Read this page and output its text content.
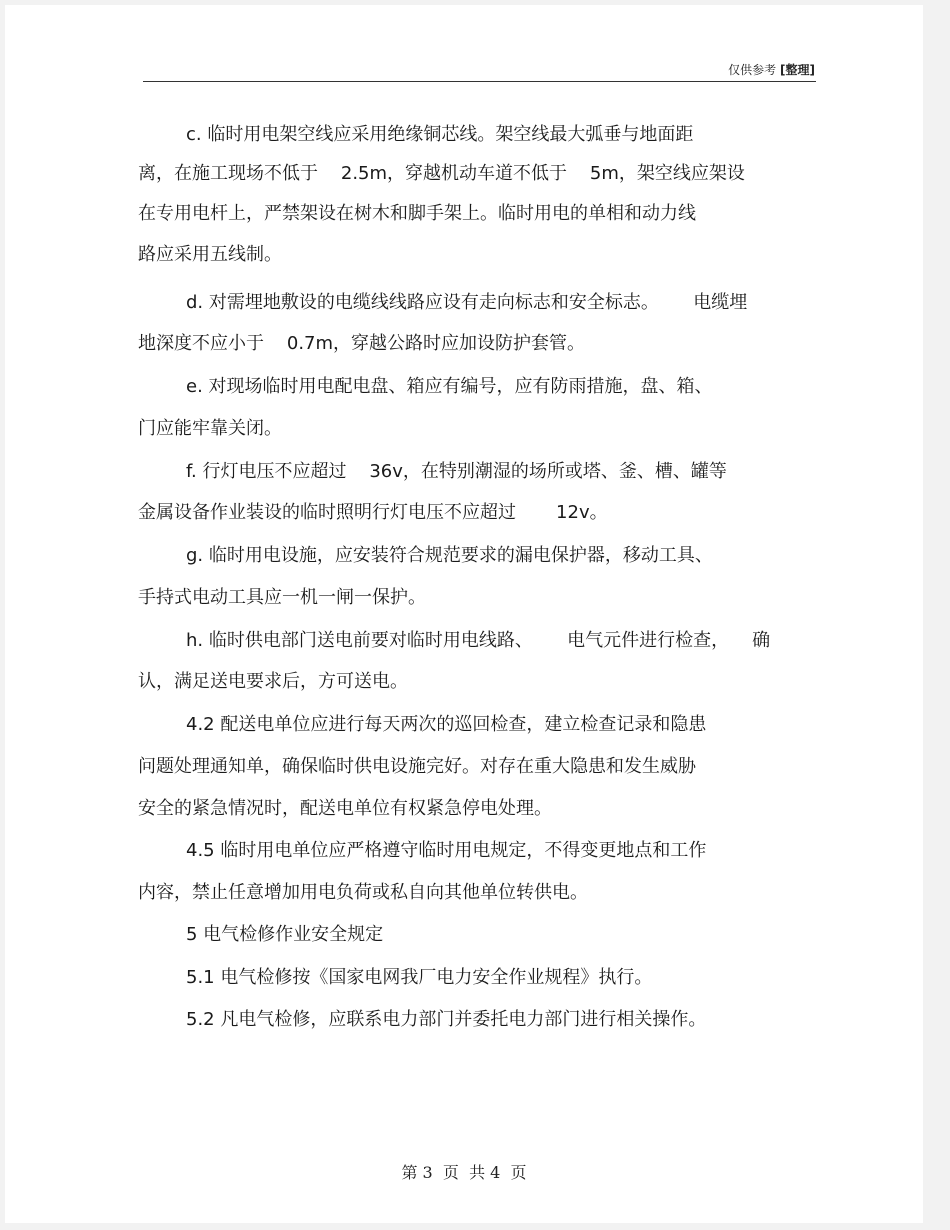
仅供参考 [整理]
c. 临时用电架空线应采用绝缘铜芯线。架空线最大弧垂与地面距
离，在施工现场不低于    2.5m，穿越机动车道不低于    5m，架空线应架设
在专用电杆上，严禁架设在树木和脚手架上。临时用电的单相和动力线
路应采用五线制。
d. 对需埋地敷设的电缆线线路应设有走向标志和安全标志。      电缆埋
地深度不应小于    0.7m，穿越公路时应加设防护套管。
e. 对现场临时用电配电盘、箱应有编号，应有防雨措施，盘、箱、
门应能牢靠关闭。
f. 行灯电压不应超过    36v，在特别潮湿的场所或塔、釜、槽、罐等
金属设备作业装设的临时照明行灯电压不应超过       12v。
g. 临时用电设施，应安装符合规范要求的漏电保护器，移动工具、
手持式电动工具应一机一闸一保护。
h. 临时供电部门送电前要对临时用电线路、      电气元件进行检查，    确
认，满足送电要求后，方可送电。
4.2 配送电单位应进行每天两次的巡回检查，建立检查记录和隐患
问题处理通知单，确保临时供电设施完好。对存在重大隐患和发生威胁
安全的紧急情况时，配送电单位有权紧急停电处理。
4.5 临时用电单位应严格遵守临时用电规定，不得变更地点和工作
内容，禁止任意增加用电负荷或私自向其他单位转供电。
5 电气检修作业安全规定
5.1 电气检修按《国家电网我厂电力安全作业规程》执行。
5.2 凡电气检修，应联系电力部门并委托电力部门进行相关操作。
第 3  页  共 4  页
